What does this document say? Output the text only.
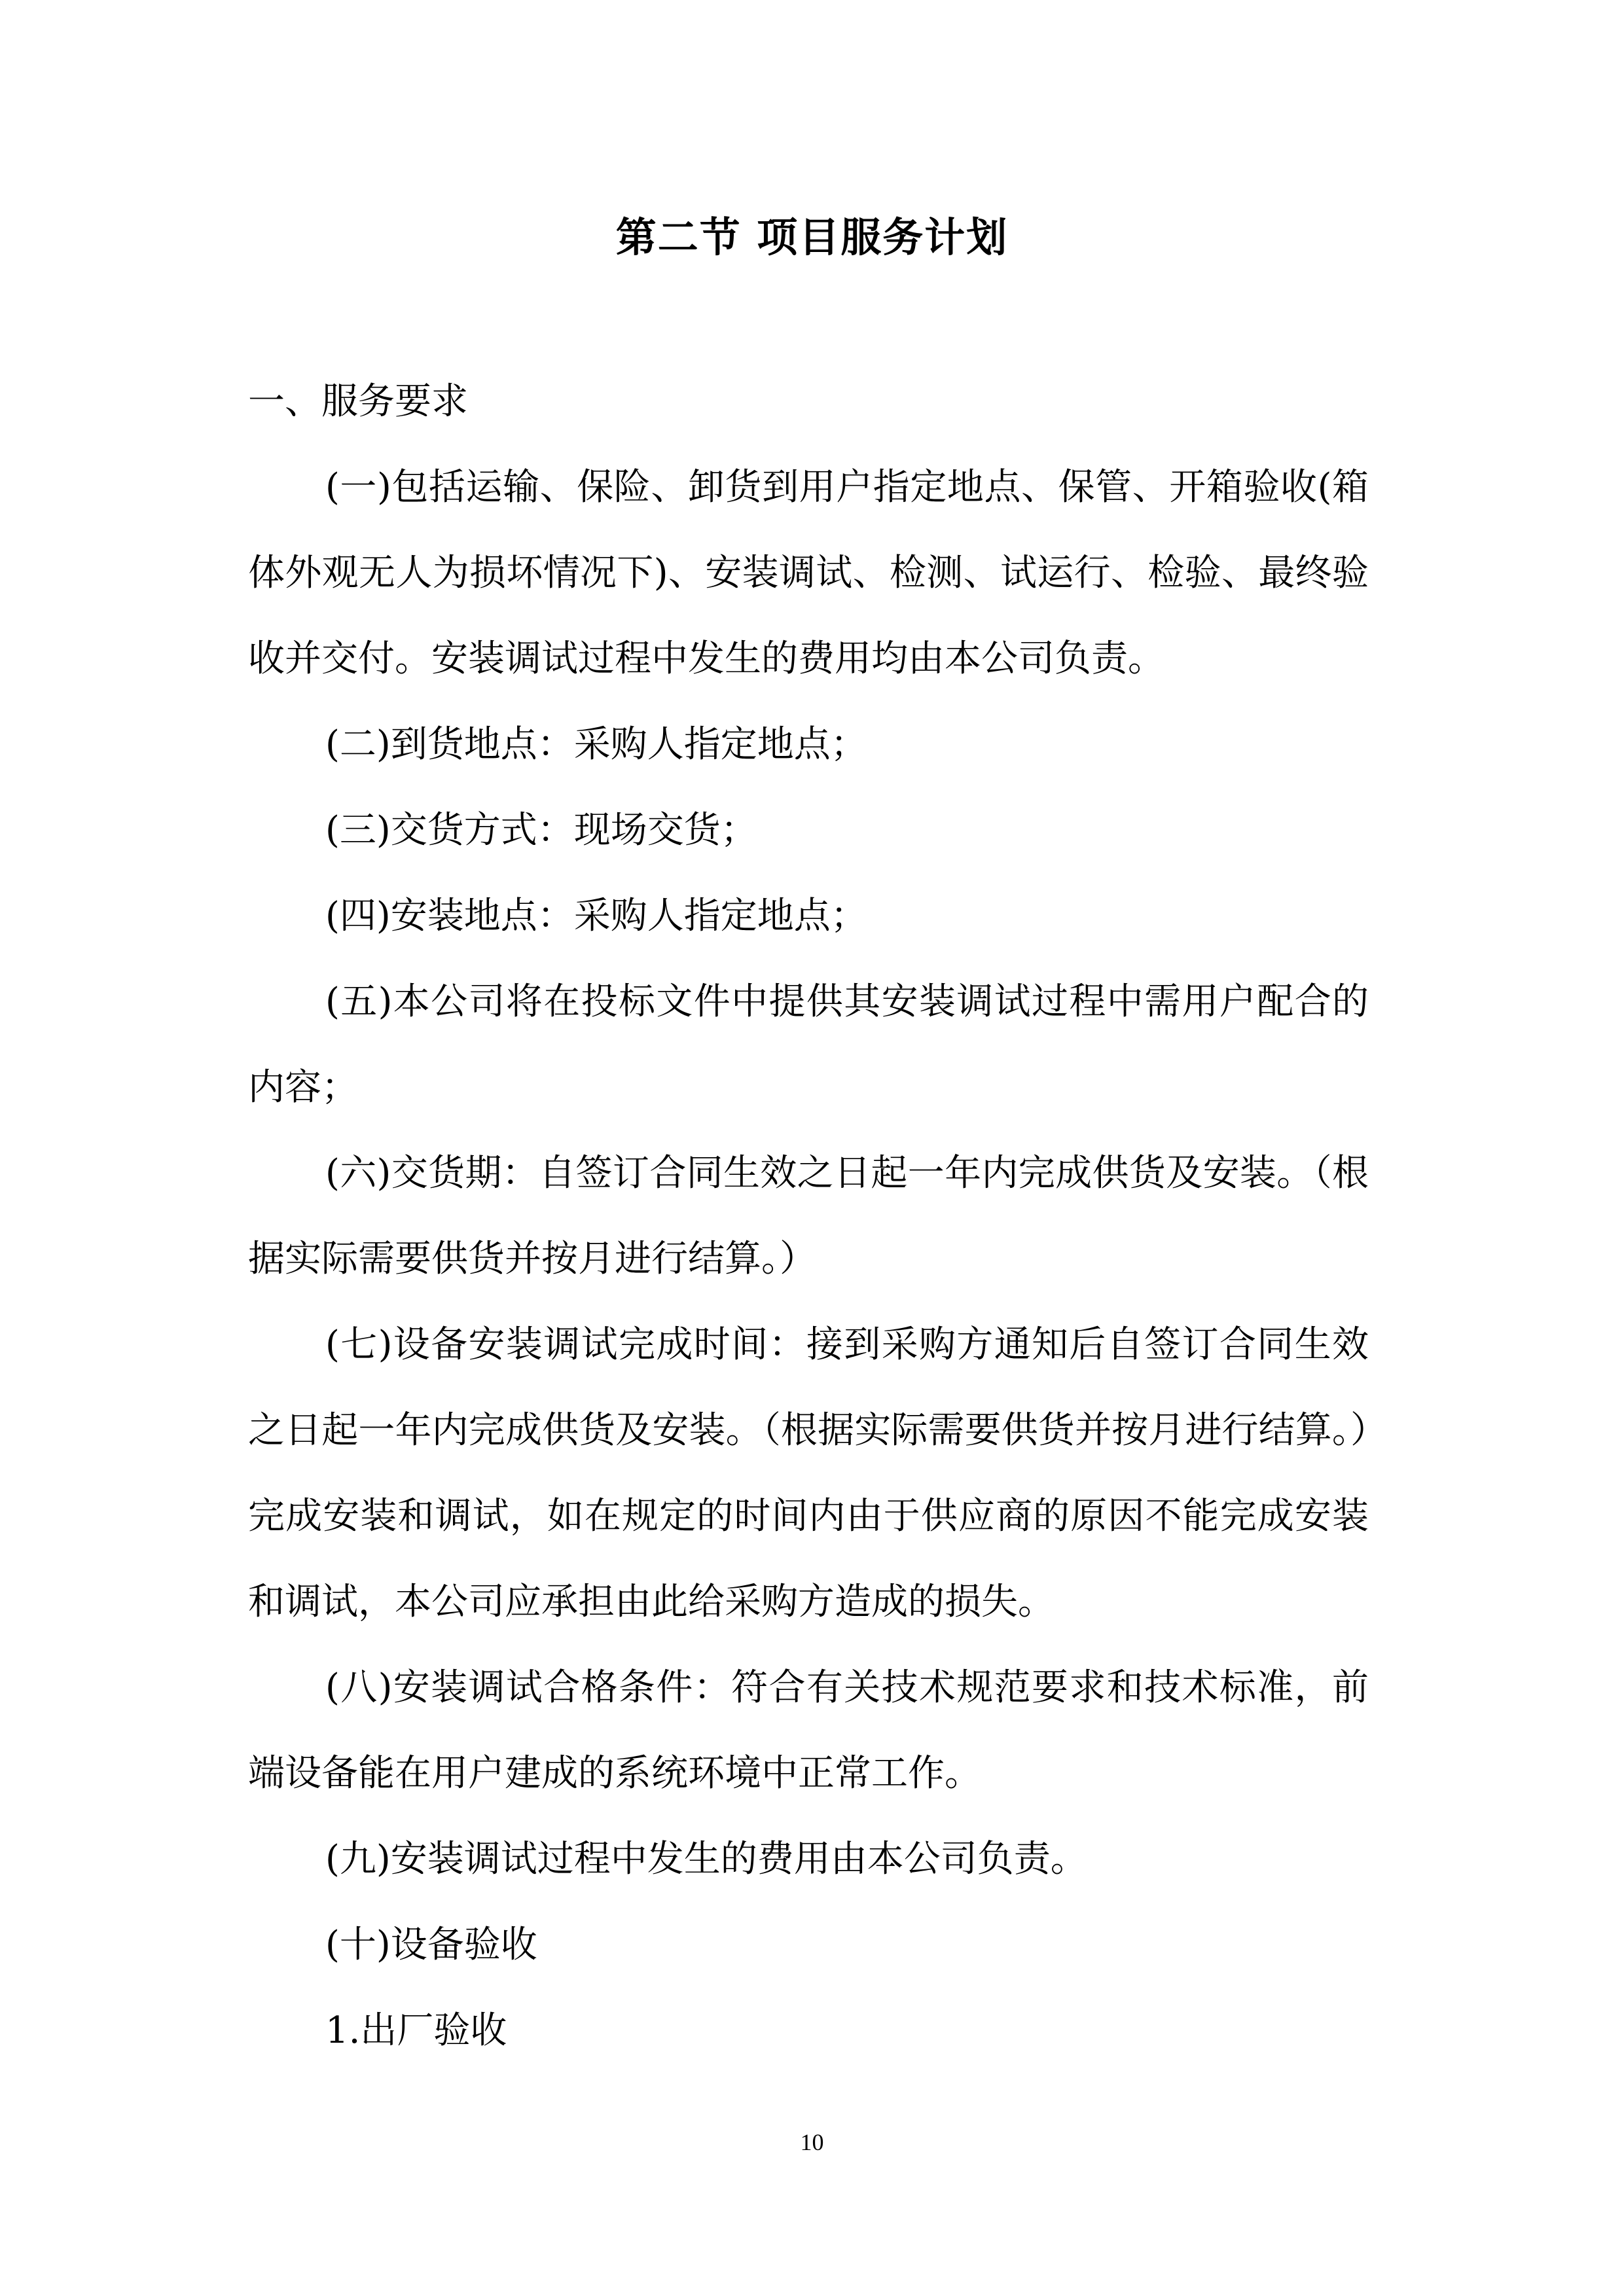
第二节 项目服务计划

一、服务要求

(一)包括运输、保险、卸货到用户指定地点、保管、开箱验收(箱体外观无人为损坏情况下)、安装调试、检测、试运行、检验、最终验收并交付。安装调试过程中发生的费用均由本公司负责。

(二)到货地点：采购人指定地点；

(三)交货方式：现场交货；

(四)安装地点：采购人指定地点；

(五)本公司将在投标文件中提供其安装调试过程中需用户配合的内容；

(六)交货期：自签订合同生效之日起一年内完成供货及安装。（根据实际需要供货并按月进行结算。）

(七)设备安装调试完成时间：接到采购方通知后自签订合同生效之日起一年内完成供货及安装。（根据实际需要供货并按月进行结算。）完成安装和调试，如在规定的时间内由于供应商的原因不能完成安装和调试，本公司应承担由此给采购方造成的损失。

(八)安装调试合格条件：符合有关技术规范要求和技术标准，前端设备能在用户建成的系统环境中正常工作。

(九)安装调试过程中发生的费用由本公司负责。

(十)设备验收

1.出厂验收

10
